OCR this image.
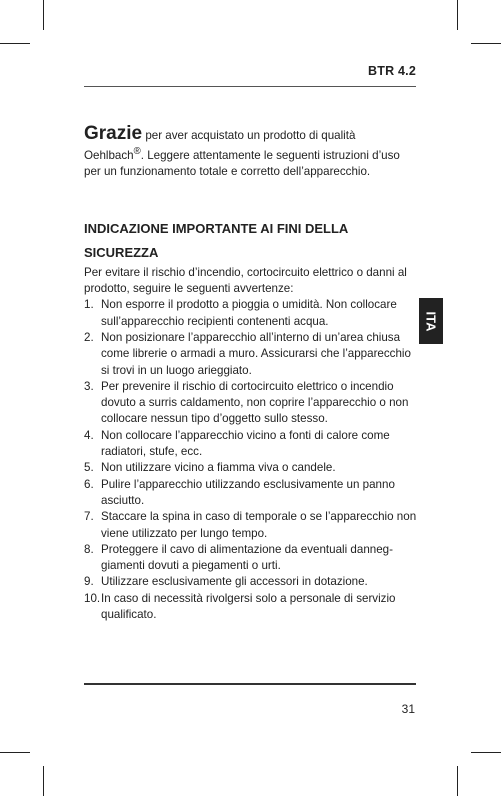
BTR 4.2
Grazie per aver acquistato un prodotto di qualità Oehlbach®. Leggere attentamente le seguenti istruzioni d’uso per un funzionamento totale e corretto dell’apparecchio.
INDICAZIONE IMPORTANTE AI FINI DELLA SICUREZZA
Per evitare il rischio d’incendio, cortocircuito elettrico o danni al prodotto, seguire le seguenti avvertenze:
1. Non esporre il prodotto a pioggia o umidità. Non collocare sull’apparecchio recipienti contenenti acqua.
2. Non posizionare l’apparecchio all’interno di un’area chiusa come librerie o armadi a muro. Assicurarsi che l’apparecchio si trovi in un luogo arieggiato.
3. Per prevenire il rischio di cortocircuito elettrico o incendio dovuto a surris caldamento, non coprire l’apparecchio o non collocare nessun tipo d’oggetto sullo stesso.
4. Non collocare l’apparecchio vicino a fonti di calore come radiatori, stufe, ecc.
5. Non utilizzare vicino a fiamma viva o candele.
6. Pulire l’apparecchio utilizzando esclusivamente un panno asciutto.
7. Staccare la spina in caso di temporale o se l’apparecchio non viene utilizzato per lungo tempo.
8. Proteggere il cavo di alimentazione da eventuali danneg-giamenti dovuti a piegamenti o urti.
9. Utilizzare esclusivamente gli accessori in dotazione.
10. In caso di necessità rivolgersi solo a personale di servizio qualificato.
ITA
31
